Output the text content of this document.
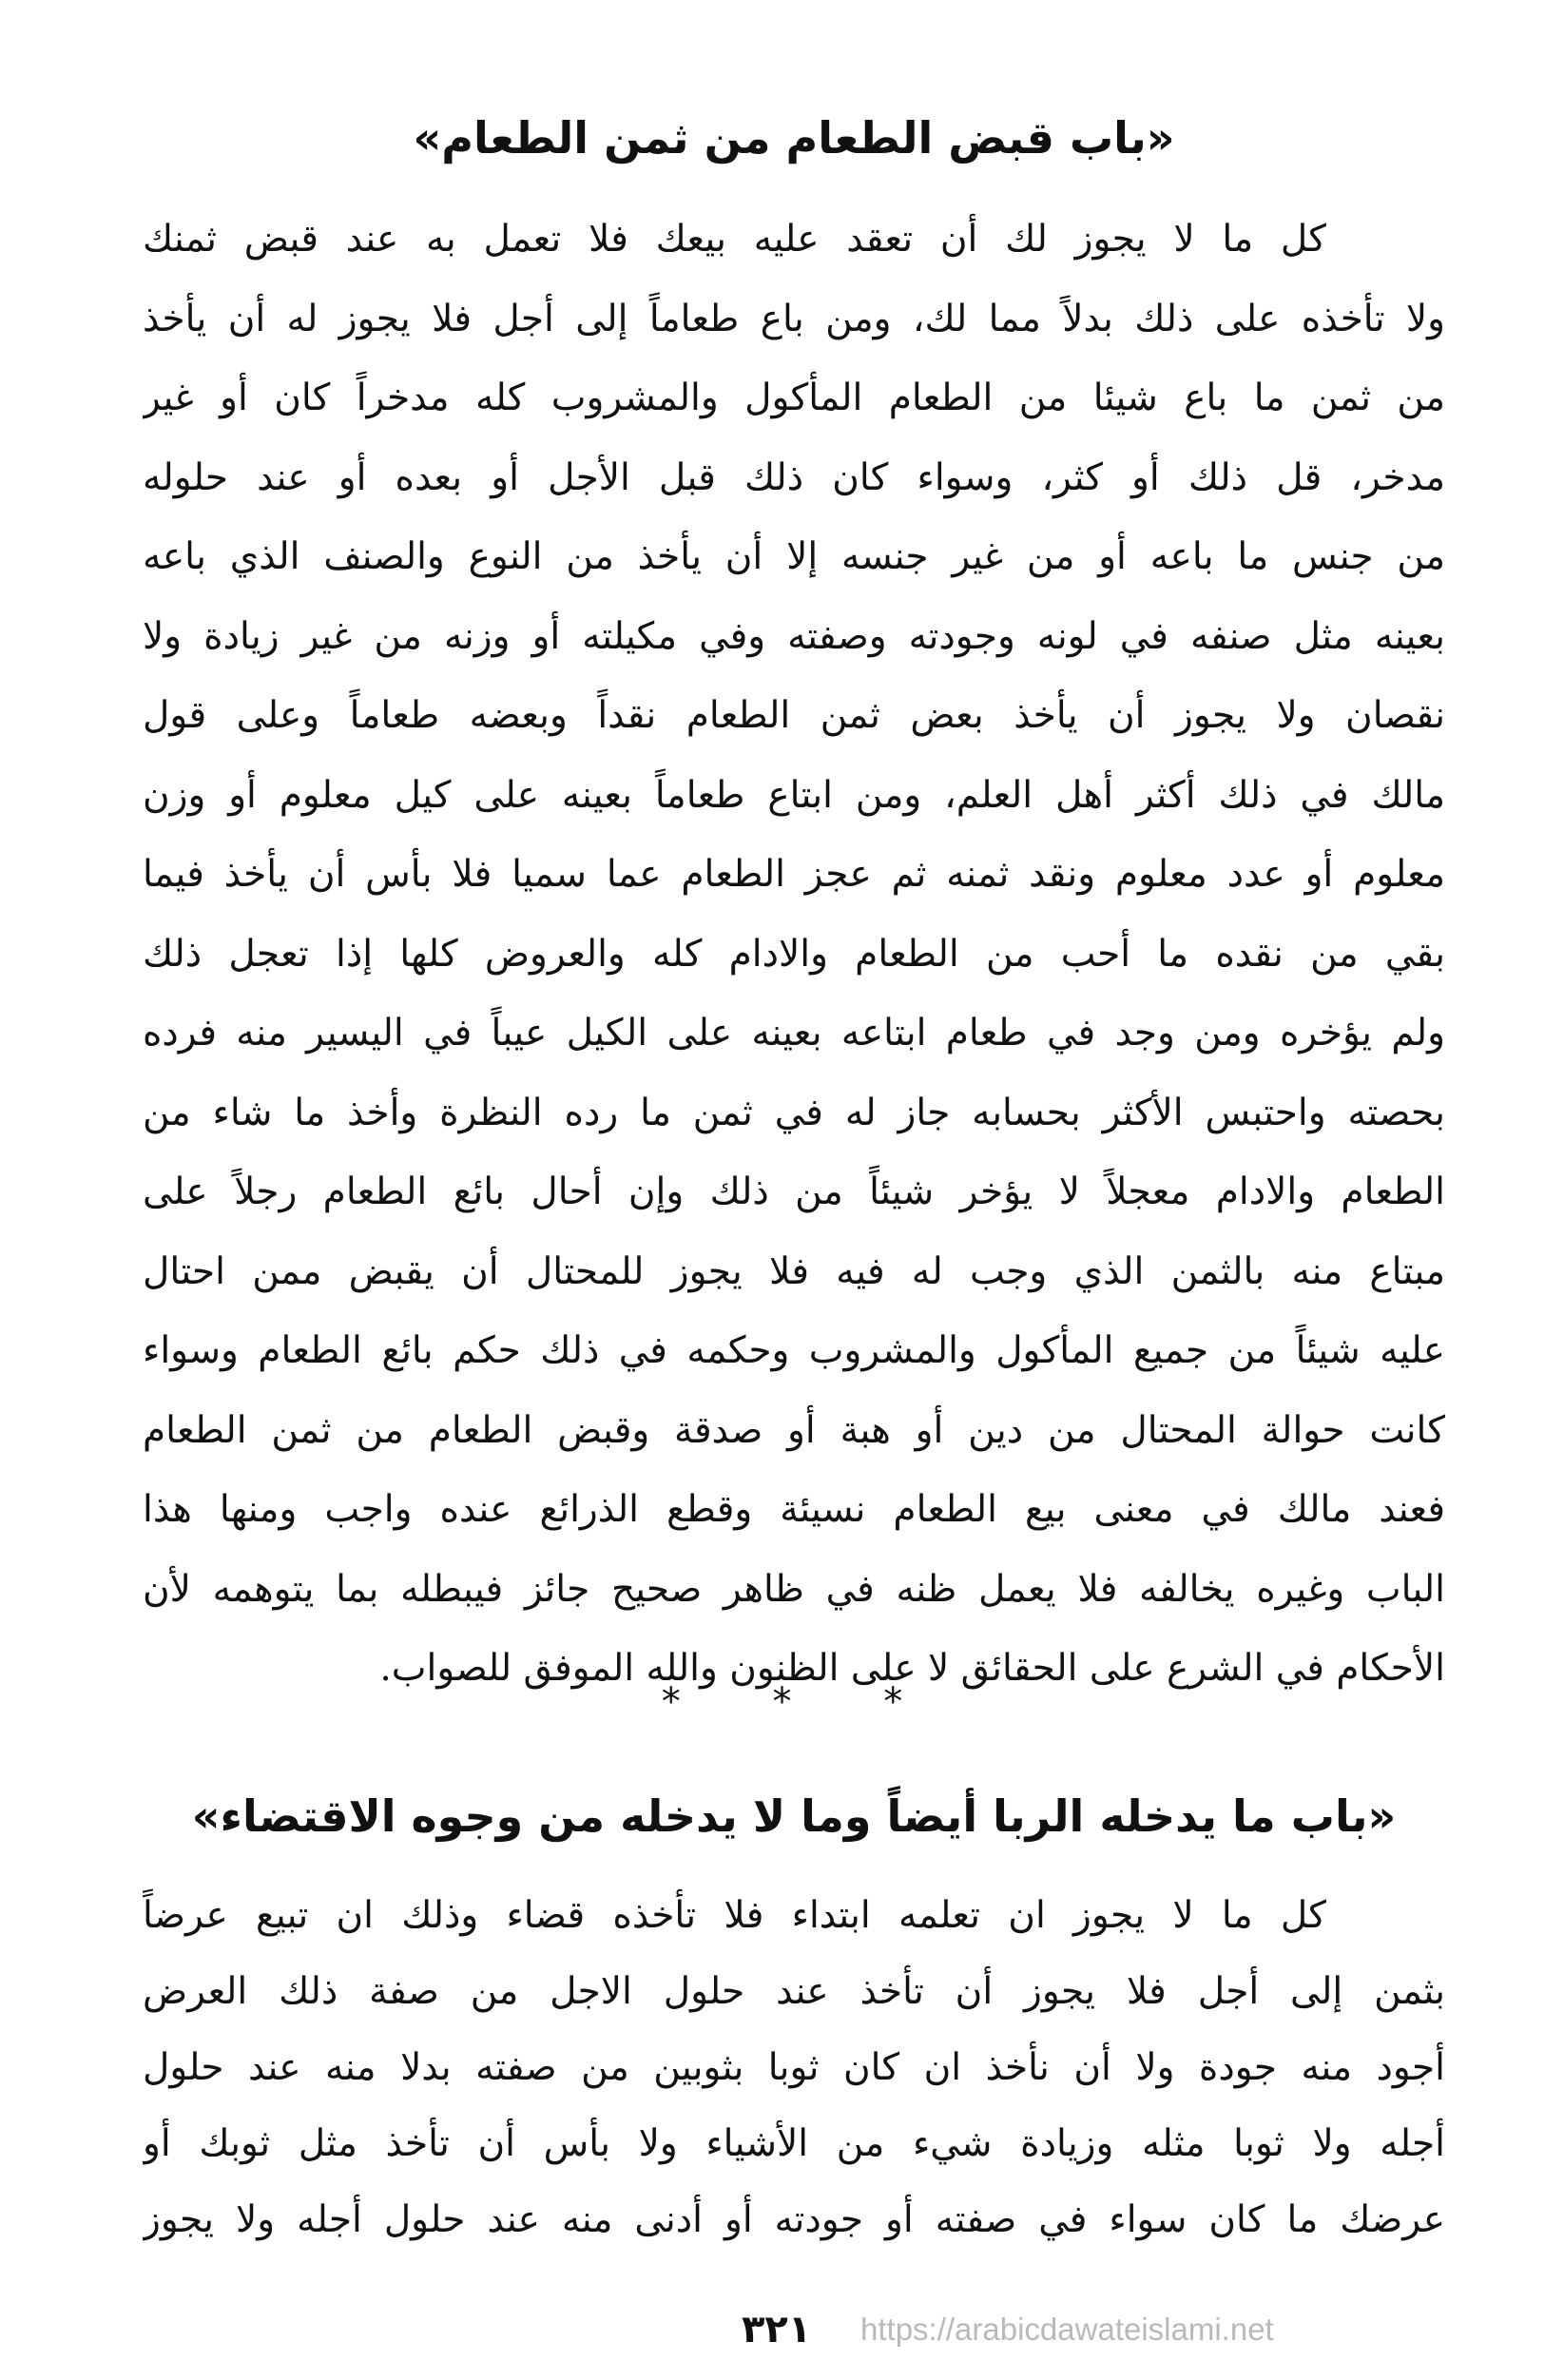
«باب قبض الطعام من ثمن الطعام»
كل ما لا يجوز لك أن تعقد عليه بيعك فلا تعمل به عند قبض ثمنك
ولا تأخذه على ذلك بدلاً مما لك، ومن باع طعاماً إلى أجل فلا يجوز له أن يأخذ
من ثمن ما باع شيئا من الطعام المأكول والمشروب كله مدخراً كان أو غير
مدخر، قل ذلك أو كثر، وسواء كان ذلك قبل الأجل أو بعده أو عند حلوله
من جنس ما باعه أو من غير جنسه إلا أن يأخذ من النوع والصنف الذي باعه
بعينه مثل صنفه في لونه وجودته وصفته وفي مكيلته أو وزنه من غير زيادة ولا
نقصان ولا يجوز أن يأخذ بعض ثمن الطعام نقداً وبعضه طعاماً وعلى قول
مالك في ذلك أكثر أهل العلم، ومن ابتاع طعاماً بعينه على كيل معلوم أو وزن
معلوم أو عدد معلوم ونقد ثمنه ثم عجز الطعام عما سميا فلا بأس أن يأخذ فيما
بقي من نقده ما أحب من الطعام والادام كله والعروض كلها إذا تعجل ذلك
ولم يؤخره ومن وجد في طعام ابتاعه بعينه على الكيل عيباً في اليسير منه فرده
بحصته واحتبس الأكثر بحسابه جاز له في ثمن ما رده النظرة وأخذ ما شاء من
الطعام والادام معجلاً لا يؤخر شيئاً من ذلك وإن أحال بائع الطعام رجلاً على
مبتاع منه بالثمن الذي وجب له فيه فلا يجوز للمحتال أن يقبض ممن احتال
عليه شيئاً من جميع المأكول والمشروب وحكمه في ذلك حكم بائع الطعام وسواء
كانت حوالة المحتال من دين أو هبة أو صدقة وقبض الطعام من ثمن الطعام
فعند مالك في معنى بيع الطعام نسيئة وقطع الذرائع عنده واجب ومنها هذا
الباب وغيره يخالفه فلا يعمل ظنه في ظاهر صحيح جائز فيبطله بما يتوهمه لأن
الأحكام في الشرع على الحقائق لا على الظنون والله الموفق للصواب.
* * *
«باب ما يدخله الربا أيضاً وما لا يدخله من وجوه الاقتضاء»
كل ما لا يجوز ان تعلمه ابتداء فلا تأخذه قضاء وذلك ان تبيع عرضاً
بثمن إلى أجل فلا يجوز أن تأخذ عند حلول الاجل من صفة ذلك العرض
أجود منه جودة ولا أن نأخذ ان كان ثوبا بثوبين من صفته بدلا منه عند حلول
أجله ولا ثوبا مثله وزيادة شيء من الأشياء ولا بأس أن تأخذ مثل ثوبك أو
عرضك ما كان سواء في صفته أو جودته أو أدنى منه عند حلول أجله ولا يجوز
٣٢١ https://arabicdawateislami.net
